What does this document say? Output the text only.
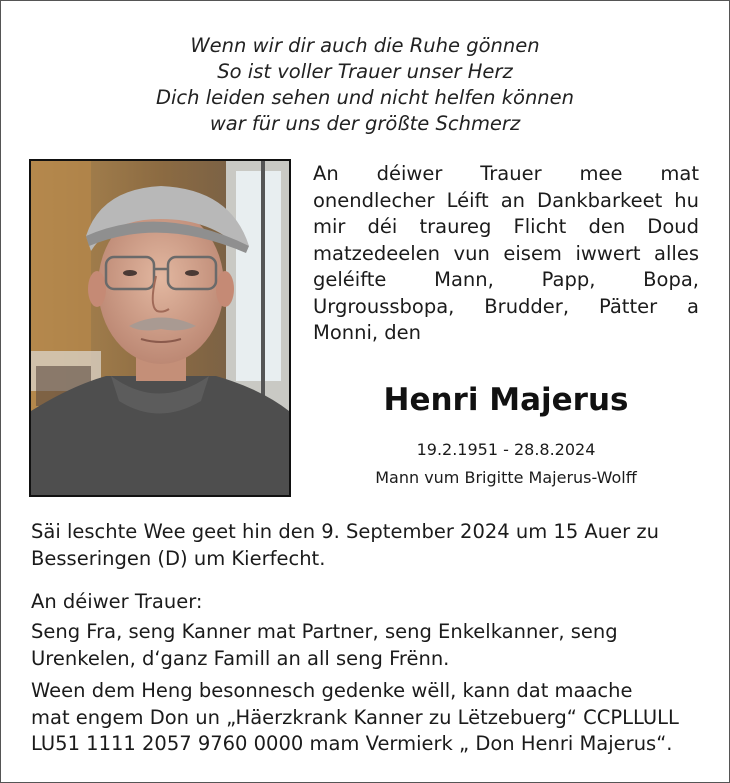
Wenn wir dir auch die Ruhe gönnen
So ist voller Trauer unser Herz
Dich leiden sehen und nicht helfen können
war für uns der größte Schmerz
An déiwer Trauer mee mat onendlecher Léift an Dankbarkeet hu mir déi traureg Flicht den Doud matzedeelen vun eisem iwwert alles geléifte Mann, Papp, Bopa, Urgroussbopa, Brudder, Pätter a Monni, den
Henri Majerus
19.2.1951 - 28.8.2024
Mann vum Brigitte Majerus-Wolff
Säi leschte Wee geet hin den 9. September 2024 um 15 Auer zu
Besseringen (D) um Kierfecht.
An déiwer Trauer:
Seng Fra, seng Kanner mat Partner, seng Enkelkanner, seng
Urenkelen, d‘ganz Famill an all seng Frënn.
Ween dem Heng besonnesch gedenke wëll, kann dat maache
mat engem Don un „Häerzkrank Kanner zu Lëtzebuerg“ CCPLLULL
LU51 1111 2057 9760 0000 mam Vermierk „ Don Henri Majerus“.
